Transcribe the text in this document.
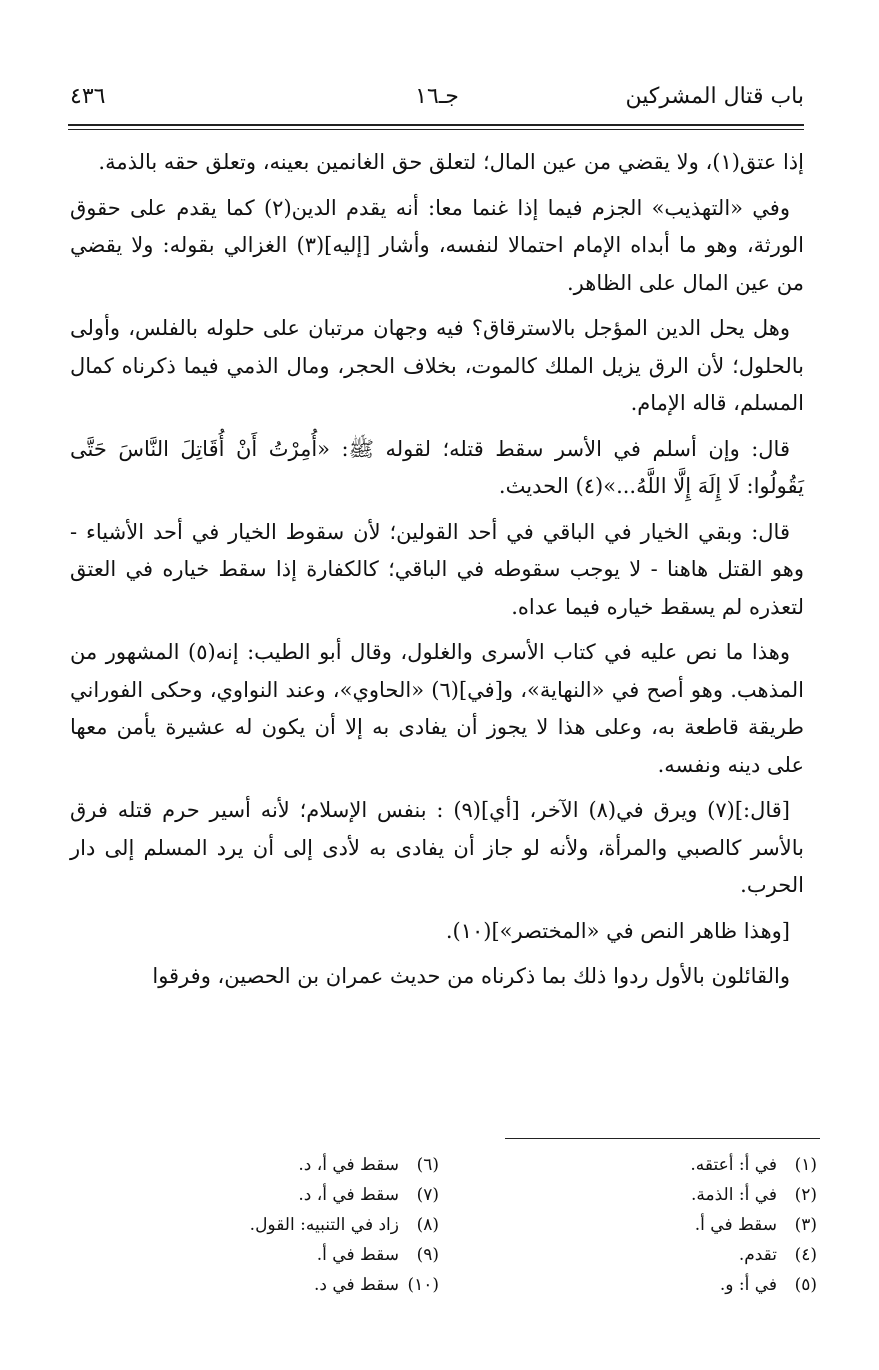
باب قتال المشركين
جـ١٦
٤٣٦

إذا عتق(١)، ولا يقضي من عين المال؛ لتعلق حق الغانمين بعينه، وتعلق حقه بالذمة.

وفي «التهذيب» الجزم فيما إذا غنما معا: أنه يقدم الدين(٢) كما يقدم على حقوق الورثة، وهو ما أبداه الإمام احتمالا لنفسه، وأشار [إليه](٣) الغزالي بقوله: ولا يقضي من عين المال على الظاهر.

وهل يحل الدين المؤجل بالاسترقاق؟ فيه وجهان مرتبان على حلوله بالفلس، وأولى بالحلول؛ لأن الرق يزيل الملك كالموت، بخلاف الحجر، ومال الذمي فيما ذكرناه كمال المسلم، قاله الإمام.

قال: وإن أسلم في الأسر سقط قتله؛ لقوله ﷺ: «أُمِرْتُ أَنْ أُقَاتِلَ النَّاسَ حَتَّى يَقُولُوا: لَا إِلَهَ إِلَّا اللَّهُ...»(٤) الحديث.

قال: وبقي الخيار في الباقي في أحد القولين؛ لأن سقوط الخيار في أحد الأشياء - وهو القتل هاهنا - لا يوجب سقوطه في الباقي؛ كالكفارة إذا سقط خياره في العتق لتعذره لم يسقط خياره فيما عداه.

وهذا ما نص عليه في كتاب الأسرى والغلول، وقال أبو الطيب: إنه(٥) المشهور من المذهب. وهو أصح في «النهاية»، و[في](٦) «الحاوي»، وعند النواوي، وحكى الفوراني طريقة قاطعة به، وعلى هذا لا يجوز أن يفادى به إلا أن يكون له عشيرة يأمن معها على دينه ونفسه.

[قال:](٧) ويرق في(٨) الآخر، [أي](٩) : بنفس الإسلام؛ لأنه أسير حرم قتله فرق بالأسر كالصبي والمرأة، ولأنه لو جاز أن يفادى به لأدى إلى أن يرد المسلم إلى دار الحرب.

[وهذا ظاهر النص في «المختصر»](١٠).

والقائلون بالأول ردوا ذلك بما ذكرناه من حديث عمران بن الحصين، وفرقوا

(١)في أ: أعتقه.
(٢)في أ: الذمة.
(٣)سقط في أ.
(٤)تقدم.
(٥)في أ: و.
(٦)سقط في أ، د.
(٧)سقط في أ، د.
(٨)زاد في التنبيه: القول.
(٩)سقط في أ.
(١٠)سقط في د.
